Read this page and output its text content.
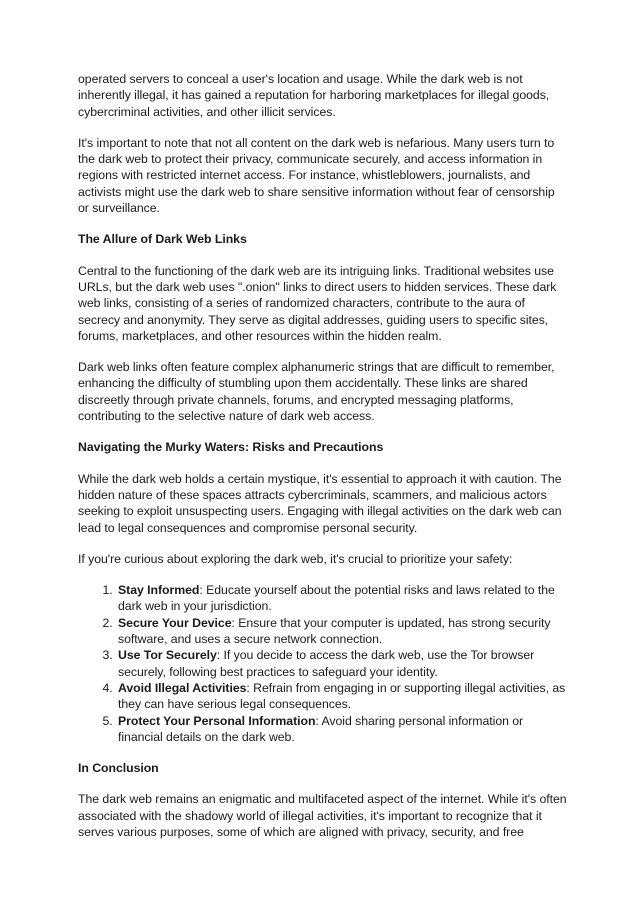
operated servers to conceal a user's location and usage. While the dark web is not inherently illegal, it has gained a reputation for harboring marketplaces for illegal goods, cybercriminal activities, and other illicit services.

It's important to note that not all content on the dark web is nefarious. Many users turn to the dark web to protect their privacy, communicate securely, and access information in regions with restricted internet access. For instance, whistleblowers, journalists, and activists might use the dark web to share sensitive information without fear of censorship or surveillance.

The Allure of Dark Web Links

Central to the functioning of the dark web are its intriguing links. Traditional websites use URLs, but the dark web uses ".onion" links to direct users to hidden services. These dark web links, consisting of a series of randomized characters, contribute to the aura of secrecy and anonymity. They serve as digital addresses, guiding users to specific sites, forums, marketplaces, and other resources within the hidden realm.

Dark web links often feature complex alphanumeric strings that are difficult to remember, enhancing the difficulty of stumbling upon them accidentally. These links are shared discreetly through private channels, forums, and encrypted messaging platforms, contributing to the selective nature of dark web access.

Navigating the Murky Waters: Risks and Precautions

While the dark web holds a certain mystique, it's essential to approach it with caution. The hidden nature of these spaces attracts cybercriminals, scammers, and malicious actors seeking to exploit unsuspecting users. Engaging with illegal activities on the dark web can lead to legal consequences and compromise personal security.

If you're curious about exploring the dark web, it's crucial to prioritize your safety:

1. Stay Informed: Educate yourself about the potential risks and laws related to the dark web in your jurisdiction.
2. Secure Your Device: Ensure that your computer is updated, has strong security software, and uses a secure network connection.
3. Use Tor Securely: If you decide to access the dark web, use the Tor browser securely, following best practices to safeguard your identity.
4. Avoid Illegal Activities: Refrain from engaging in or supporting illegal activities, as they can have serious legal consequences.
5. Protect Your Personal Information: Avoid sharing personal information or financial details on the dark web.
In Conclusion

The dark web remains an enigmatic and multifaceted aspect of the internet. While it's often associated with the shadowy world of illegal activities, it's important to recognize that it serves various purposes, some of which are aligned with privacy, security, and free
